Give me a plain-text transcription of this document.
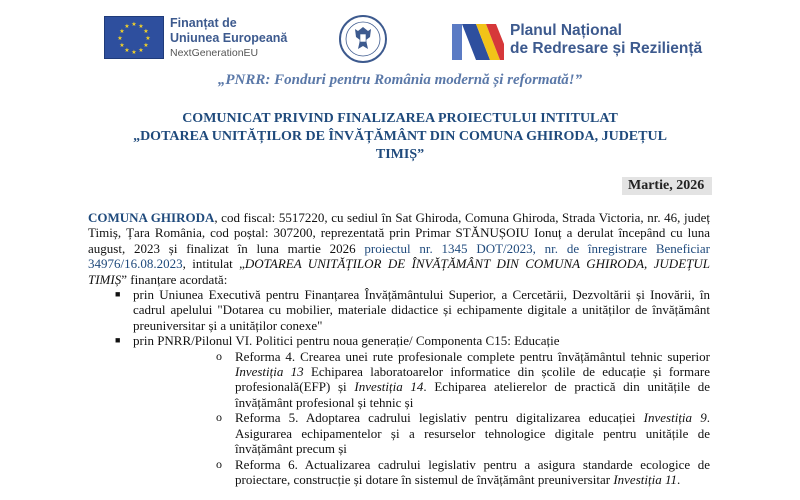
★ ★
★
★
★
★
★
★
★
★
★
★	Finanțat de
Uniunea Europeană
NextGenerationEU
Planul Național
de Redresare și Reziliență
„PNRR: Fonduri pentru România modernă și reformată!”
COMUNICAT PRIVIND FINALIZAREA PROIECTULUI INTITULAT
„DOTAREA UNITĂȚILOR DE ÎNVĂȚĂMÂNT DIN COMUNA GHIRODA, JUDEȚUL
TIMIȘ”
Martie, 2026
COMUNA GHIRODA, cod fiscal: 5517220, cu sediul în Sat Ghiroda, Comuna Ghiroda, Strada Victoria, nr. 46, județ Timiș, Țara România, cod poștal: 307200, reprezentată prin Primar STĂNUȘOIU Ionuț a derulat începând cu luna august, 2023 și finalizat în luna martie 2026 proiectul nr. 1345 DOT/2023, nr. de înregistrare Beneficiar 34976/16.08.2023, intitulat „DOTAREA UNITĂȚILOR DE ÎNVĂȚĂMÂNT DIN COMUNA GHIRODA, JUDEȚUL TIMIȘ” finanțare acordată:
■ prin Uniunea Executivă pentru Finanțarea Învățământului Superior, a Cercetării, Dezvoltării și Inovării, în cadrul apelului "Dotarea cu mobilier, materiale didactice și echipamente digitale a unităților de învățământ preuniversitar și a unităților conexe"
■ prin PNRR/Pilonul VI. Politici pentru noua generație/ Componenta C15: Educație
o Reforma 4. Crearea unei rute profesionale complete pentru învățământul tehnic superior Investiția 13 Echiparea laboratoarelor informatice din școlile de educație și formare profesională(EFP) și Investiția 14. Echiparea atelierelor de practică din unitățile de învățământ profesional și tehnic și
o Reforma 5. Adoptarea cadrului legislativ pentru digitalizarea educației Investiția 9. Asigurarea echipamentelor și a resurselor tehnologice digitale pentru unitățile de învățământ precum și
o Reforma 6. Actualizarea cadrului legislativ pentru a asigura standarde ecologice de proiectare, construcție și dotare în sistemul de învățământ preuniversitar Investiția 11.
